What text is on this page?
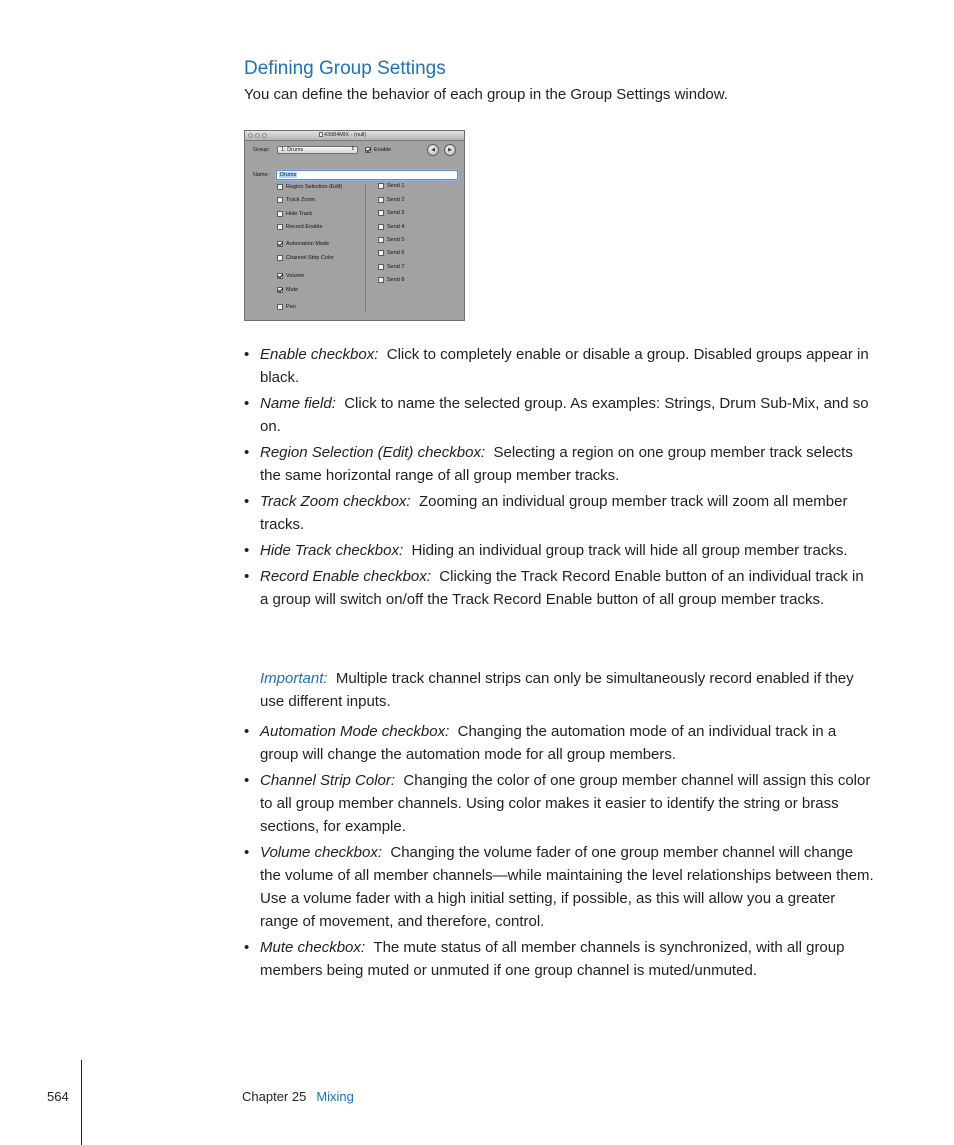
Defining Group Settings

You can define the behavior of each group in the Group Settings window.

43984MIX - (null)
Group: 1: Drums	⇕	Enable	◀	▶
Name: Drums
Region Selection (Edit)
Track Zoom
Hide Track
Record Enable
Automation Mode
Channel Strip Color
Volume
Mute
Pan
Send 1
Send 2
Send 3
Send 4
Send 5
Send 6
Send 7
Send 8
• Enable checkbox: Click to completely enable or disable a group. Disabled groups appear in black.
• Name field: Click to name the selected group. As examples: Strings, Drum Sub-Mix, and so on.
• Region Selection (Edit) checkbox: Selecting a region on one group member track selects the same horizontal range of all group member tracks.
• Track Zoom checkbox: Zooming an individual group member track will zoom all member tracks.
• Hide Track checkbox: Hiding an individual group track will hide all group member tracks.
• Record Enable checkbox: Clicking the Track Record Enable button of an individual track in a group will switch on/off the Track Record Enable button of all group member tracks.

Important: Multiple track channel strips can only be simultaneously record enabled if they use different inputs.

• Automation Mode checkbox: Changing the automation mode of an individual track in a group will change the automation mode for all group members.
• Channel Strip Color: Changing the color of one group member channel will assign this color to all group member channels. Using color makes it easier to identify the string or brass sections, for example.
• Volume checkbox: Changing the volume fader of one group member channel will change the volume of all member channels—while maintaining the level relationships between them. Use a volume fader with a high initial setting, if possible, as this will allow you a greater range of movement, and therefore, control.
• Mute checkbox: The mute status of all member channels is synchronized, with all group members being muted or unmuted if one group channel is muted/unmuted.
564	Chapter 25 Mixing
